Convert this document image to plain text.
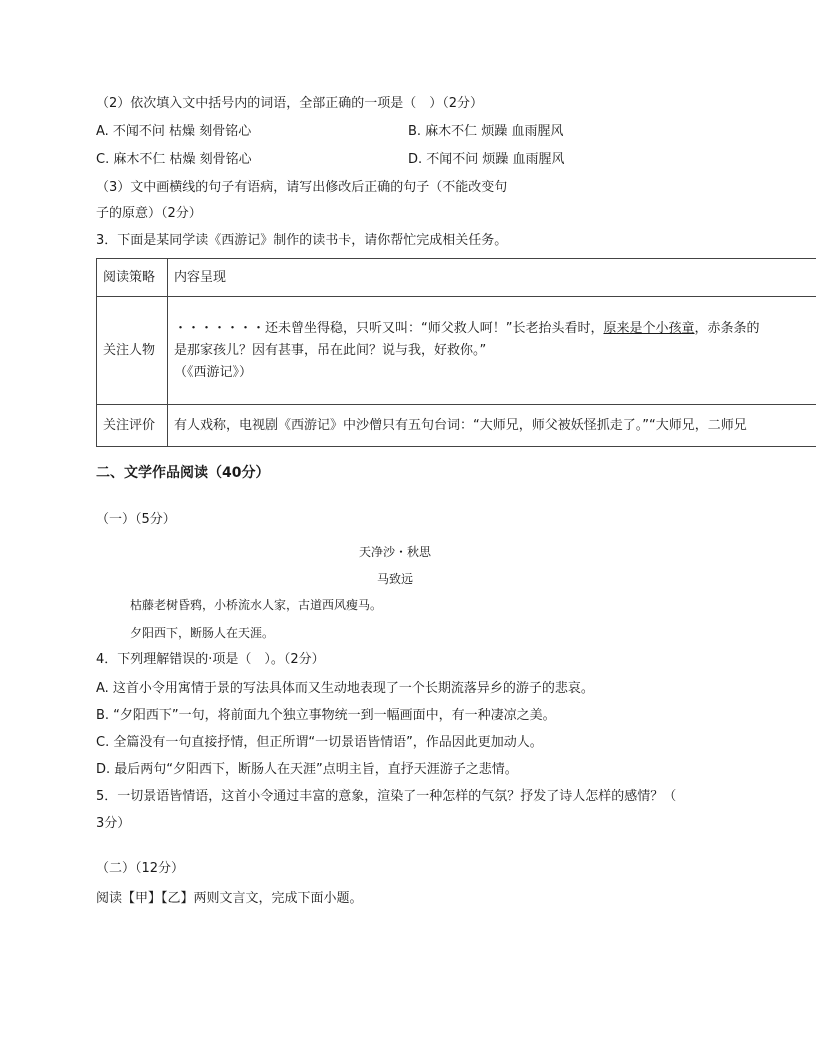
（2）依次填入文中括号内的词语，全部正确的一项是（　）（2分）
A. 不闻不问 枯燥 刻骨铭心	B. 麻木不仁 烦躁 血雨腥风
C. 麻木不仁 枯燥 刻骨铭心	D. 不闻不问 烦躁 血雨腥风
（3）文中画横线的句子有语病，请写出修改后正确的句子（不能改变句
子的原意）（2分）
3．下面是某同学读《西游记》制作的读书卡，请你帮忙完成相关任务。
阅读策略	内容呈现
关注人物	・・・・・・・还未曾坐得稳，只听又叫：“师父救人呵！”长老抬头看时，原来是个小孩童，赤条条的
是那家孩儿？因有甚事，吊在此间？说与我，好救你。”
（《西游记》）

关注评价	有人戏称，电视剧《西游记》中沙僧只有五句台词：“大师兄，师父被妖怪抓走了。”“大师兄，二师兄
二、文学作品阅读（40分）
（一）（5分）
天净沙・秋思
马致远
枯藤老树昏鸦，小桥流水人家，古道西风瘦马。
夕阳西下，断肠人在天涯。
4．下列理解错误的·项是（　）。（2分）
A. 这首小令用寓情于景的写法具体而又生动地表现了一个长期流落异乡的游子的悲哀。
B. “夕阳西下”一句，将前面九个独立事物统一到一幅画面中，有一种凄凉之美。
C. 全篇没有一句直接抒情，但正所谓“一切景语皆情语”，作品因此更加动人。
D. 最后两句“夕阳西下，断肠人在天涯”点明主旨，直抒天涯游子之悲情。
5．一切景语皆情语，这首小令通过丰富的意象，渲染了一种怎样的气氛？抒发了诗人怎样的感情？（
3分）
（二）（12分）
阅读【甲】【乙】两则文言文，完成下面小题。
